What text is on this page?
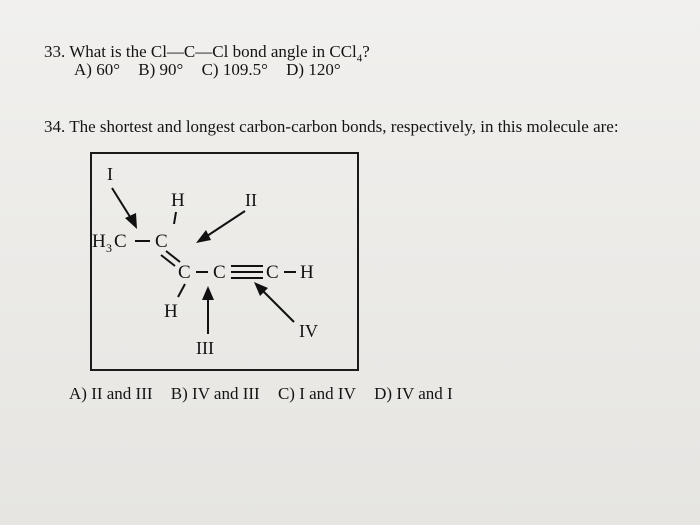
33. What is the Cl—C—Cl bond angle in CCl$_4$?
A) 60° B) 90° C) 109.5° D) 120°
34. The shortest and longest carbon-carbon bonds, respectively, in this molecule are:
I
H	II
H 3 C C
C C C H
H
III
IV
A) II and III B) IV and III C) I and IV D) IV and I
